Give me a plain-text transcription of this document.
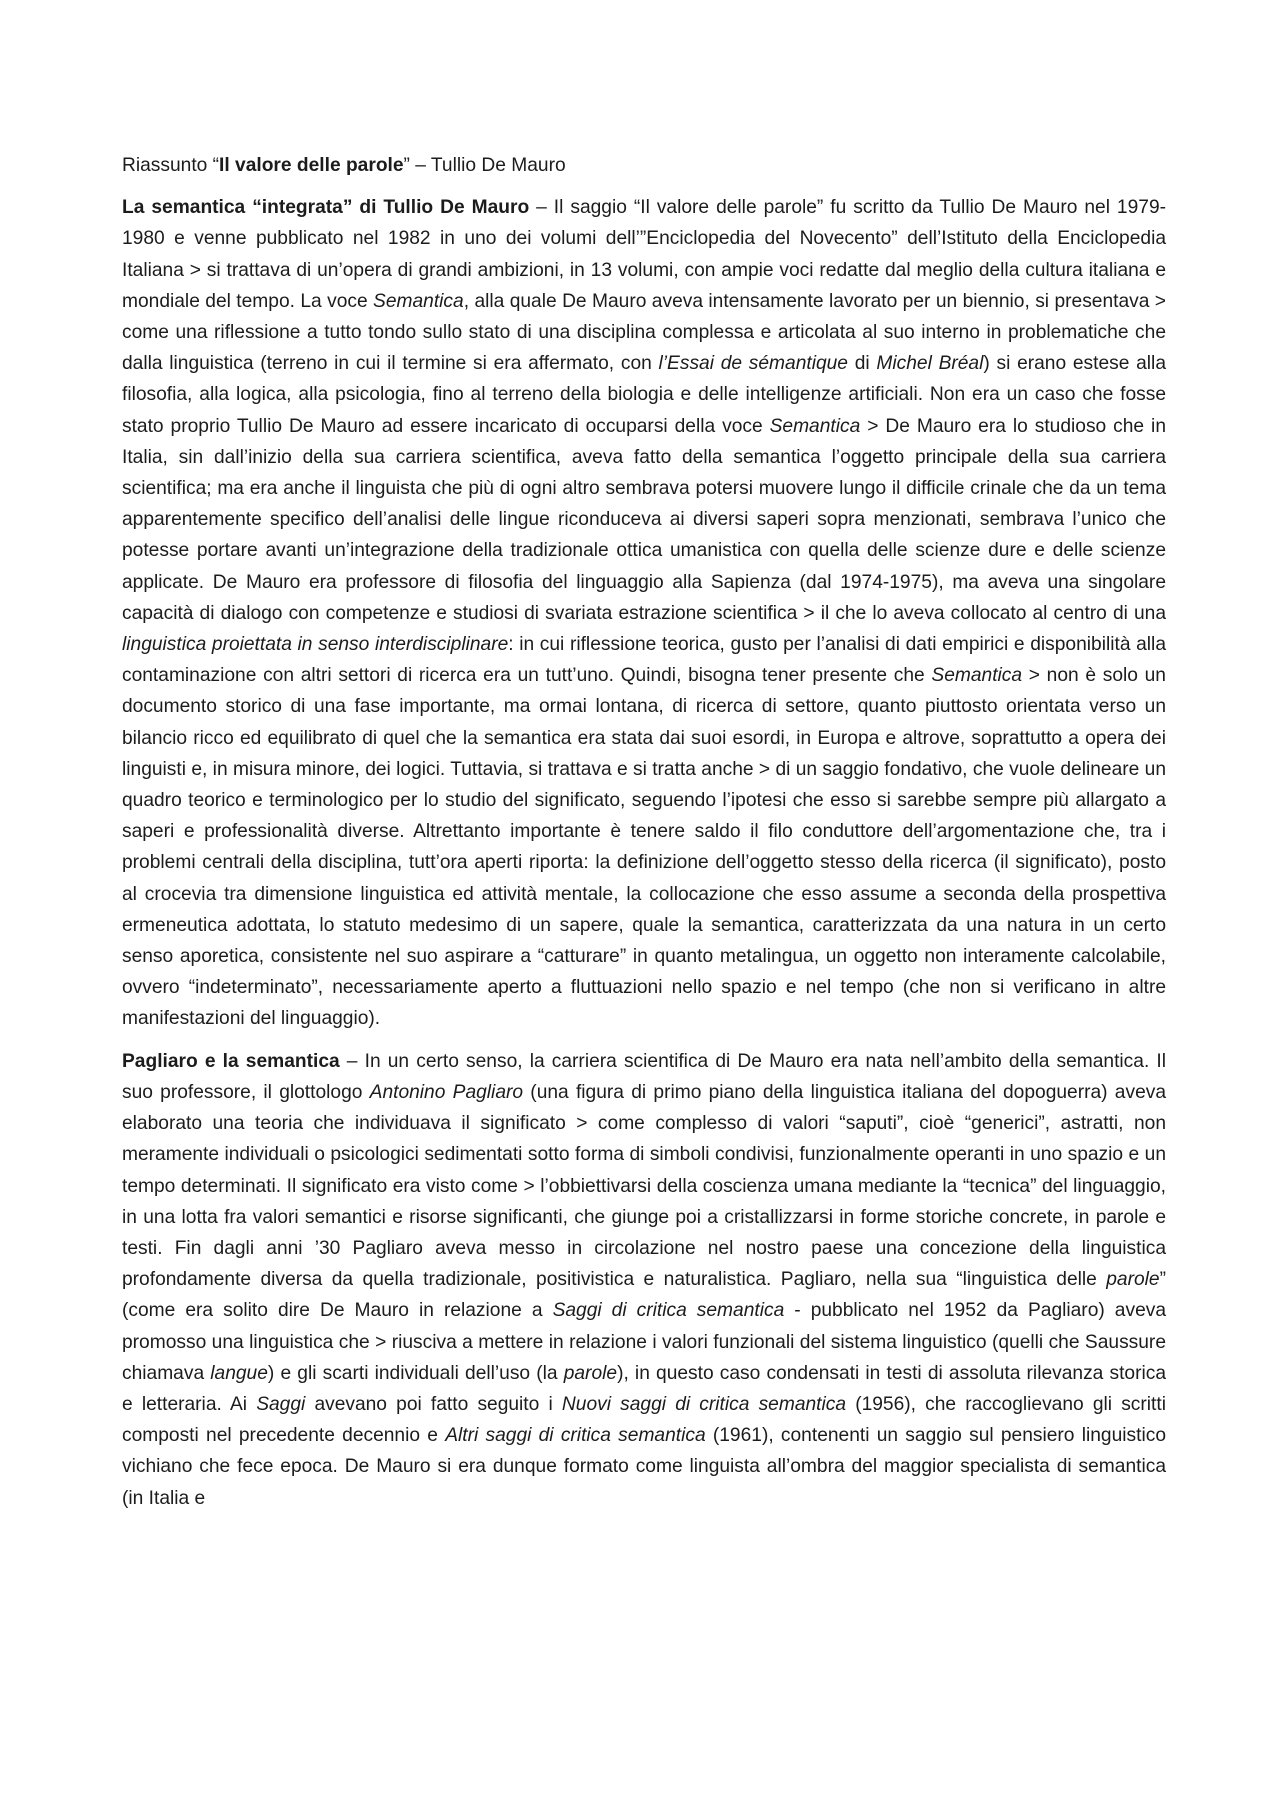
Riassunto “Il valore delle parole” – Tullio De Mauro

La semantica “integrata” di Tullio De Mauro – Il saggio “Il valore delle parole” fu scritto da Tullio De Mauro nel 1979-1980 e venne pubblicato nel 1982 in uno dei volumi dell’”Enciclopedia del Novecento” dell’Istituto della Enciclopedia Italiana > si trattava di un’opera di grandi ambizioni, in 13 volumi, con ampie voci redatte dal meglio della cultura italiana e mondiale del tempo. La voce Semantica, alla quale De Mauro aveva intensamente lavorato per un biennio, si presentava > come una riflessione a tutto tondo sullo stato di una disciplina complessa e articolata al suo interno in problematiche che dalla linguistica (terreno in cui il termine si era affermato, con l’Essai de sémantique di Michel Bréal) si erano estese alla filosofia, alla logica, alla psicologia, fino al terreno della biologia e delle intelligenze artificiali. Non era un caso che fosse stato proprio Tullio De Mauro ad essere incaricato di occuparsi della voce Semantica > De Mauro era lo studioso che in Italia, sin dall’inizio della sua carriera scientifica, aveva fatto della semantica l’oggetto principale della sua carriera scientifica; ma era anche il linguista che più di ogni altro sembrava potersi muovere lungo il difficile crinale che da un tema apparentemente specifico dell’analisi delle lingue riconduceva ai diversi saperi sopra menzionati, sembrava l’unico che potesse portare avanti un’integrazione della tradizionale ottica umanistica con quella delle scienze dure e delle scienze applicate. De Mauro era professore di filosofia del linguaggio alla Sapienza (dal 1974-1975), ma aveva una singolare capacità di dialogo con competenze e studiosi di svariata estrazione scientifica > il che lo aveva collocato al centro di una linguistica proiettata in senso interdisciplinare: in cui riflessione teorica, gusto per l’analisi di dati empirici e disponibilità alla contaminazione con altri settori di ricerca era un tutt’uno. Quindi, bisogna tener presente che Semantica > non è solo un documento storico di una fase importante, ma ormai lontana, di ricerca di settore, quanto piuttosto orientata verso un bilancio ricco ed equilibrato di quel che la semantica era stata dai suoi esordi, in Europa e altrove, soprattutto a opera dei linguisti e, in misura minore, dei logici. Tuttavia, si trattava e si tratta anche > di un saggio fondativo, che vuole delineare un quadro teorico e terminologico per lo studio del significato, seguendo l’ipotesi che esso si sarebbe sempre più allargato a saperi e professionalità diverse. Altrettanto importante è tenere saldo il filo conduttore dell’argomentazione che, tra i problemi centrali della disciplina, tutt’ora aperti riporta: la definizione dell’oggetto stesso della ricerca (il significato), posto al crocevia tra dimensione linguistica ed attività mentale, la collocazione che esso assume a seconda della prospettiva ermeneutica adottata, lo statuto medesimo di un sapere, quale la semantica, caratterizzata da una natura in un certo senso aporetica, consistente nel suo aspirare a “catturare” in quanto metalingua, un oggetto non interamente calcolabile, ovvero “indeterminato”, necessariamente aperto a fluttuazioni nello spazio e nel tempo (che non si verificano in altre manifestazioni del linguaggio).

Pagliaro e la semantica – In un certo senso, la carriera scientifica di De Mauro era nata nell’ambito della semantica. Il suo professore, il glottologo Antonino Pagliaro (una figura di primo piano della linguistica italiana del dopoguerra) aveva elaborato una teoria che individuava il significato > come complesso di valori “saputi”, cioè “generici”, astratti, non meramente individuali o psicologici sedimentati sotto forma di simboli condivisi, funzionalmente operanti in uno spazio e un tempo determinati. Il significato era visto come > l’obbiettivarsi della coscienza umana mediante la “tecnica” del linguaggio, in una lotta fra valori semantici e risorse significanti, che giunge poi a cristallizzarsi in forme storiche concrete, in parole e testi. Fin dagli anni ’30 Pagliaro aveva messo in circolazione nel nostro paese una concezione della linguistica profondamente diversa da quella tradizionale, positivistica e naturalistica. Pagliaro, nella sua “linguistica delle parole” (come era solito dire De Mauro in relazione a Saggi di critica semantica - pubblicato nel 1952 da Pagliaro) aveva promosso una linguistica che > riusciva a mettere in relazione i valori funzionali del sistema linguistico (quelli che Saussure chiamava langue) e gli scarti individuali dell’uso (la parole), in questo caso condensati in testi di assoluta rilevanza storica e letteraria. Ai Saggi avevano poi fatto seguito i Nuovi saggi di critica semantica (1956), che raccoglievano gli scritti composti nel precedente decennio e Altri saggi di critica semantica (1961), contenenti un saggio sul pensiero linguistico vichiano che fece epoca. De Mauro si era dunque formato come linguista all’ombra del maggior specialista di semantica (in Italia e
